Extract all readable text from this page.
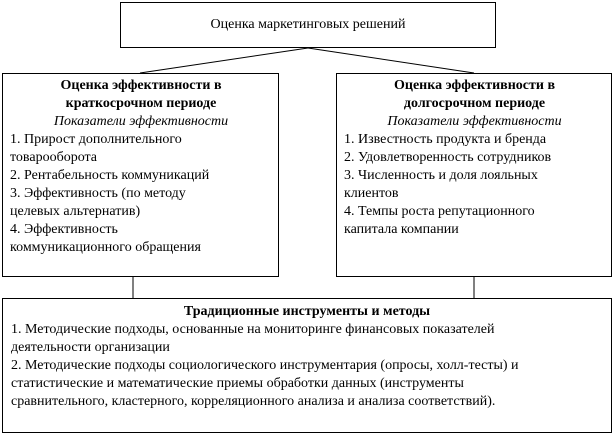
Оценка маркетинговых решений
Оценка эффективности в
краткосрочном периоде
Показатели эффективности
1. Прирост дополнительного
товарооборота
2. Рентабельность коммуникаций
3. Эффективность (по методу
целевых альтернатив)
4. Эффективность
коммуникационного обращения
Оценка эффективности в
долгосрочном периоде
Показатели эффективности
1. Известность продукта и бренда
2. Удовлетворенность сотрудников
3. Численность и доля лояльных
клиентов
4. Темпы роста репутационного
капитала компании
Традиционные инструменты и методы
1. Методические подходы, основанные на мониторинге финансовых показателей
деятельности организации
2. Методические подходы социологического инструментария (опросы, холл-тесты) и
статистические и математические приемы обработки данных (инструменты
сравнительного, кластерного, корреляционного анализа и анализа соответствий).
